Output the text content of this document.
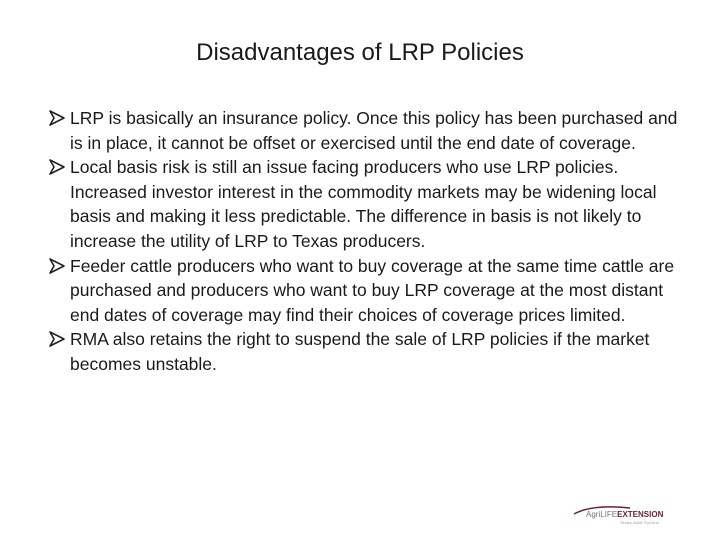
Disadvantages of LRP Policies
LRP is basically an insurance policy. Once this policy has been purchased and is in place, it cannot be offset or exercised until the end date of coverage.
Local basis risk is still an issue facing producers who use LRP policies. Increased investor interest in the commodity markets may be widening local basis and making it less predictable. The difference in basis is not likely to increase the utility of LRP to Texas producers.
Feeder cattle producers who want to buy coverage at the same time cattle are purchased and producers who want to buy LRP coverage at the most distant end dates of coverage may find their choices of coverage prices limited.
RMA also retains the right to suspend the sale of LRP policies if the market becomes unstable.
AgriLIFEEXTENSION
Texas A&M System
